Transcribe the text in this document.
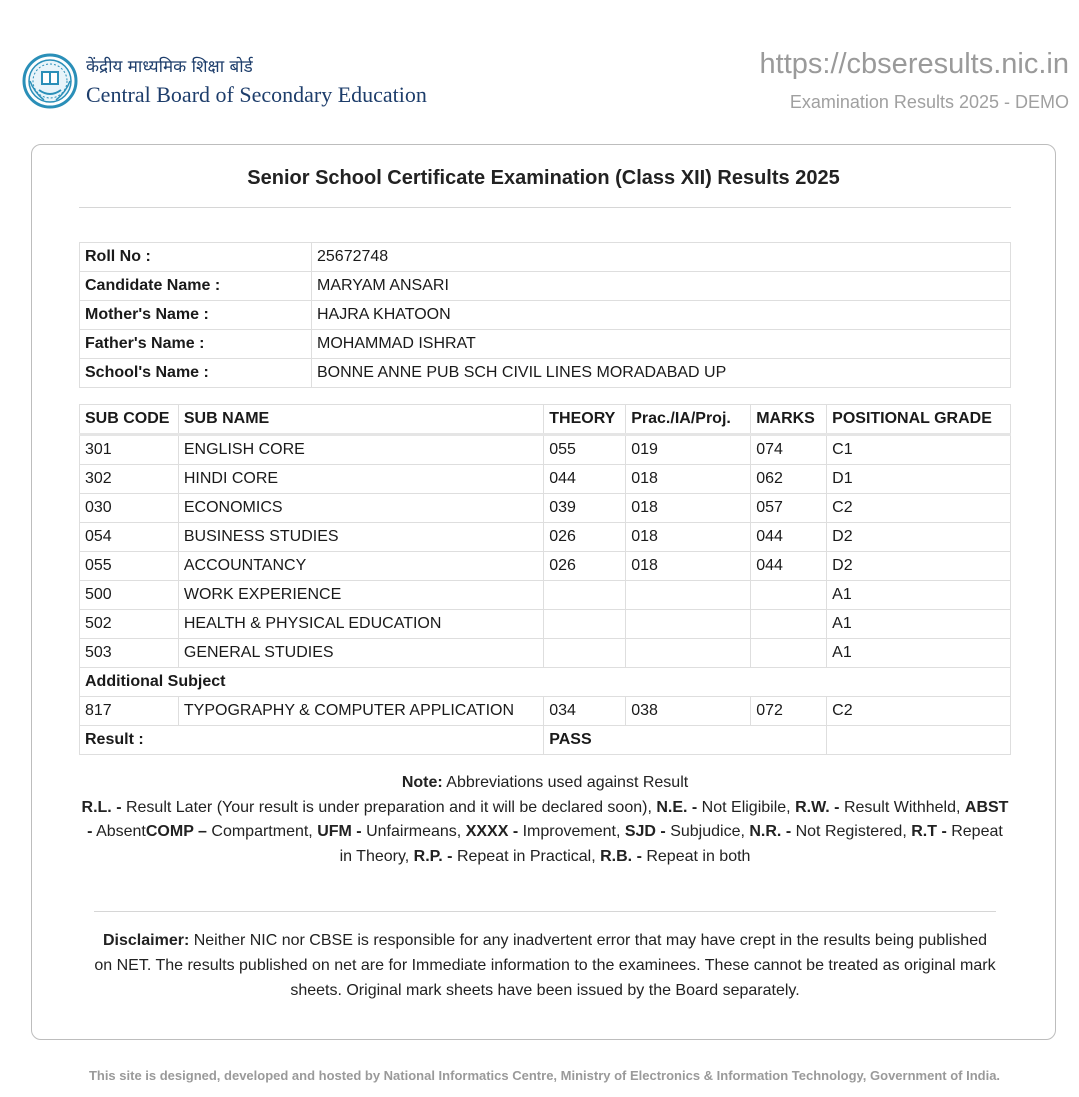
केंद्रीय माध्यमिक शिक्षा बोर्ड
Central Board of Secondary Education
https://cbseresults.nic.in
Examination Results 2025 - DEMO
Senior School Certificate Examination (Class XII) Results 2025
Roll No :	25672748
Candidate Name :	MARYAM ANSARI
Mother's Name :	HAJRA KHATOON
Father's Name :	MOHAMMAD ISHRAT
School's Name :	BONNE ANNE PUB SCH CIVIL LINES MORADABAD UP
SUB CODE	SUB NAME	THEORY	Prac./IA/Proj.	MARKS	POSITIONAL GRADE
301	ENGLISH CORE	055	019	074	C1
302	HINDI CORE	044	018	062	D1
030	ECONOMICS	039	018	057	C2
054	BUSINESS STUDIES	026	018	044	D2
055	ACCOUNTANCY	026	018	044	D2
500	WORK EXPERIENCE				A1
502	HEALTH & PHYSICAL EDUCATION				A1
503	GENERAL STUDIES				A1
Additional Subject					
817	TYPOGRAPHY & COMPUTER APPLICATION	034	038	072	C2
Result :		PASS			
Note: Abbreviations used against Result
R.L. - Result Later (Your result is under preparation and it will be declared soon), N.E. - Not Eligibile, R.W. - Result Withheld, ABST - AbsentCOMP – Compartment, UFM - Unfairmeans, XXXX - Improvement, SJD - Subjudice, N.R. - Not Registered, R.T - Repeat in Theory, R.P. - Repeat in Practical, R.B. - Repeat in both
Disclaimer: Neither NIC nor CBSE is responsible for any inadvertent error that may have crept in the results being published on NET. The results published on net are for Immediate information to the examinees. These cannot be treated as original mark sheets. Original mark sheets have been issued by the Board separately.
This site is designed, developed and hosted by National Informatics Centre, Ministry of Electronics & Information Technology, Government of India.
